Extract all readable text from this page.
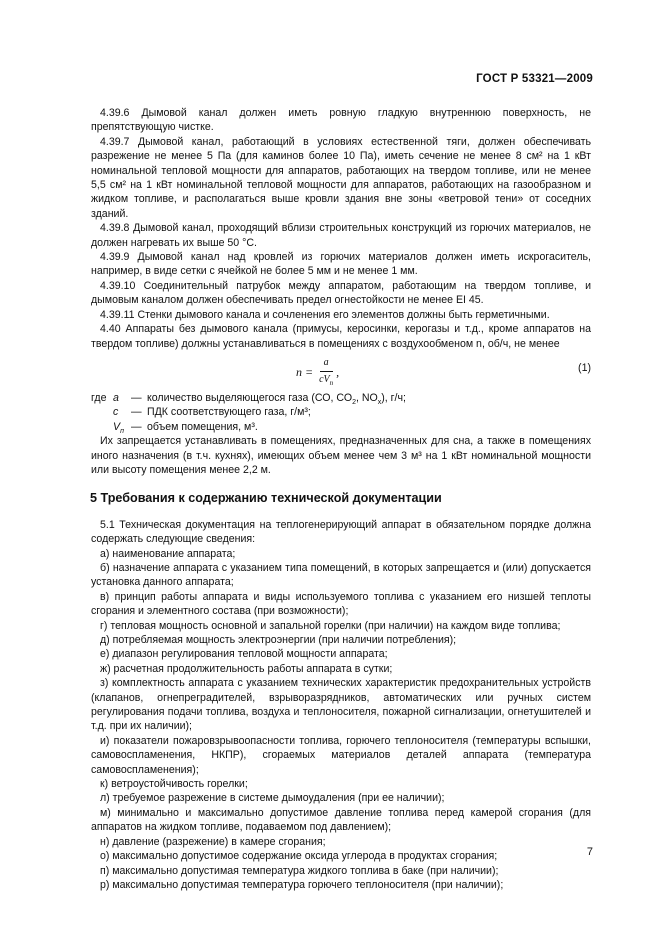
ГОСТ Р 53321—2009

4.39.6 Дымовой канал должен иметь ровную гладкую внутреннюю поверхность, не препятствующую чистке.

4.39.7 Дымовой канал, работающий в условиях естественной тяги, должен обеспечивать разрежение не менее 5 Па (для каминов более 10 Па), иметь сечение не менее 8 см² на 1 кВт номинальной тепловой мощности для аппаратов, работающих на твердом топливе, или не менее 5,5 см² на 1 кВт номинальной тепловой мощности для аппаратов, работающих на газообразном и жидком топливе, и располагаться выше кровли здания вне зоны «ветровой тени» от соседних зданий.

4.39.8 Дымовой канал, проходящий вблизи строительных конструкций из горючих материалов, не должен нагревать их выше 50 °С.

4.39.9 Дымовой канал над кровлей из горючих материалов должен иметь искрогаситель, например, в виде сетки с ячейкой не более 5 мм и не менее 1 мм.

4.39.10 Соединительный патрубок между аппаратом, работающим на твердом топливе, и дымовым каналом должен обеспечивать предел огнестойкости не менее EI 45.

4.39.11 Стенки дымового канала и сочленения его элементов должны быть герметичными.

4.40 Аппараты без дымового канала (примусы, керосинки, керогазы и т.д., кроме аппаратов на твердом топливе) должны устанавливаться в помещениях с воздухообменом n, об/ч, не менее

$n = \frac{a}{cV_п}$ ,	(1)
где a	— количество выделяющегося газа (СО, $СО_2$, $NO_x$), г/ч;
c	— ПДК соответствующего газа, г/м³;
$V_п$ — объем помещения, м³.

Их запрещается устанавливать в помещениях, предназначенных для сна, а также в помещениях иного назначения (в т.ч. кухнях), имеющих объем менее чем 3 м³ на 1 кВт номинальной мощности или высоту помещения менее 2,2 м.

5 Требования к содержанию технической документации

5.1 Техническая документация на теплогенерирующий аппарат в обязательном порядке должна содержать следующие сведения:

а) наименование аппарата;

б) назначение аппарата с указанием типа помещений, в которых запрещается и (или) допускается установка данного аппарата;

в) принцип работы аппарата и виды используемого топлива с указанием его низшей теплоты сгорания и элементного состава (при возможности);

г) тепловая мощность основной и запальной горелки (при наличии) на каждом виде топлива;

д) потребляемая мощность электроэнергии (при наличии потребления);

е) диапазон регулирования тепловой мощности аппарата;

ж) расчетная продолжительность работы аппарата в сутки;

з) комплектность аппарата с указанием технических характеристик предохранительных устройств (клапанов, огнепреградителей, взрыворазрядников, автоматических или ручных систем регулирования подачи топлива, воздуха и теплоносителя, пожарной сигнализации, огнетушителей и т.д. при их наличии);

и) показатели пожаровзрывоопасности топлива, горючего теплоносителя (температуры вспышки, самовоспламенения, НКПР), сгораемых материалов деталей аппарата (температура самовоспламенения);

к) ветроустойчивость горелки;

л) требуемое разрежение в системе дымоудаления (при ее наличии);

м) минимально и максимально допустимое давление топлива перед камерой сгорания (для аппаратов на жидком топливе, подаваемом под давлением);

н) давление (разрежение) в камере сгорания;

о) максимально допустимое содержание оксида углерода в продуктах сгорания;

п) максимально допустимая температура жидкого топлива в баке (при наличии);

р) максимально допустимая температура горючего теплоносителя (при наличии);

7
